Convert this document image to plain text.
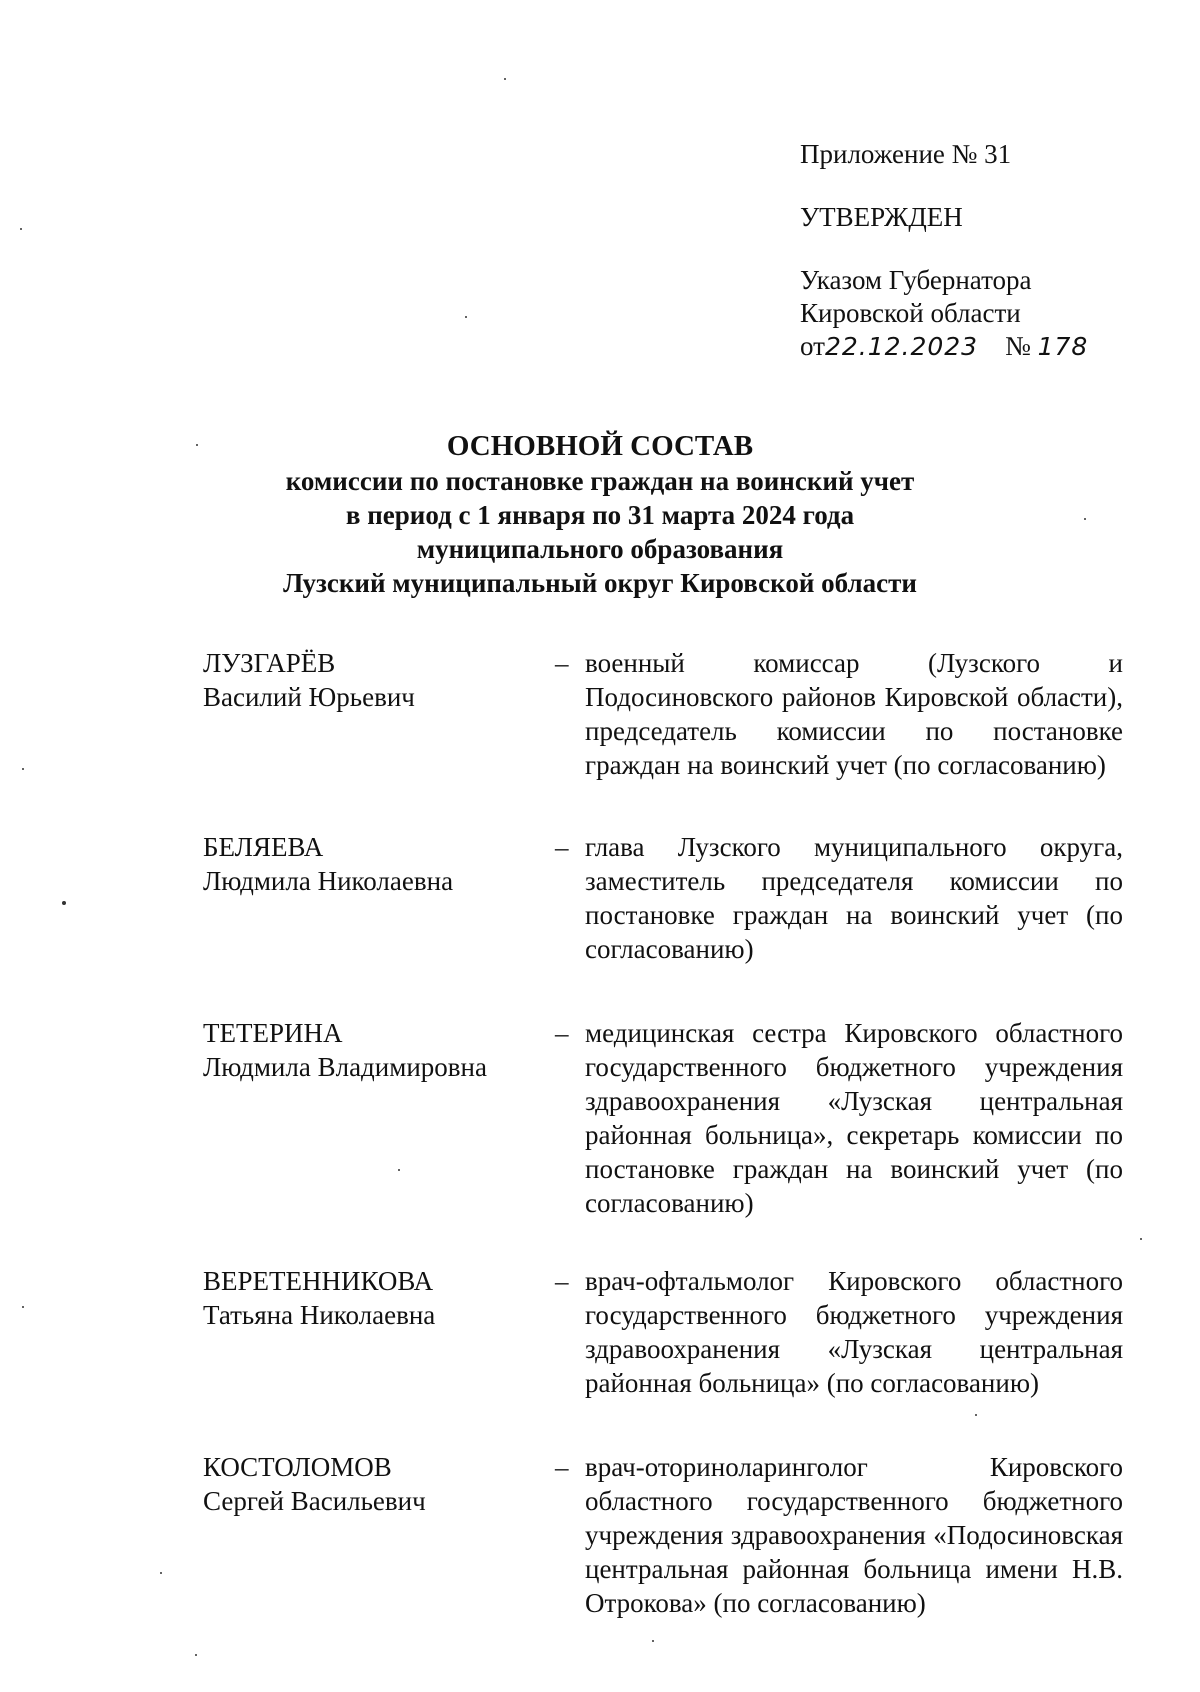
Приложение № 31
УТВЕРЖДЕН
Указом Губернатора
Кировской области
от22.12.2023 № 178
ОСНОВНОЙ СОСТАВ
комиссии по постановке граждан на воинский учет
в период с 1 января по 31 марта 2024 года
муниципального образования
Лузский муниципальный округ Кировской области
ЛУЗГАРЁВ
Василий Юрьевич
– военный комиссар (Лузского и Подосиновского районов Кировской области), председатель комиссии по постановке граждан на воинский учет (по согласованию)
БЕЛЯЕВА
Людмила Николаевна
– глава Лузского муниципального округа, заместитель председателя комиссии по постановке граждан на воинский учет (по согласованию)
ТЕТЕРИНА
Людмила Владимировна
– медицинская сестра Кировского областного государственного бюджетного учреждения здравоохранения «Лузская центральная районная больница», секретарь комиссии по постановке граждан на воинский учет (по согласованию)
ВЕРЕТЕННИКОВА
Татьяна Николаевна
– врач-офтальмолог Кировского областного государственного бюджетного учреждения здравоохранения «Лузская центральная районная больница» (по согласованию)
КОСТОЛОМОВ
Сергей Васильевич
– врач-оториноларинголог Кировского областного государственного бюджетного учреждения здравоохранения «Подосиновская центральная районная больница имени Н.В. Отрокова» (по согласованию)
